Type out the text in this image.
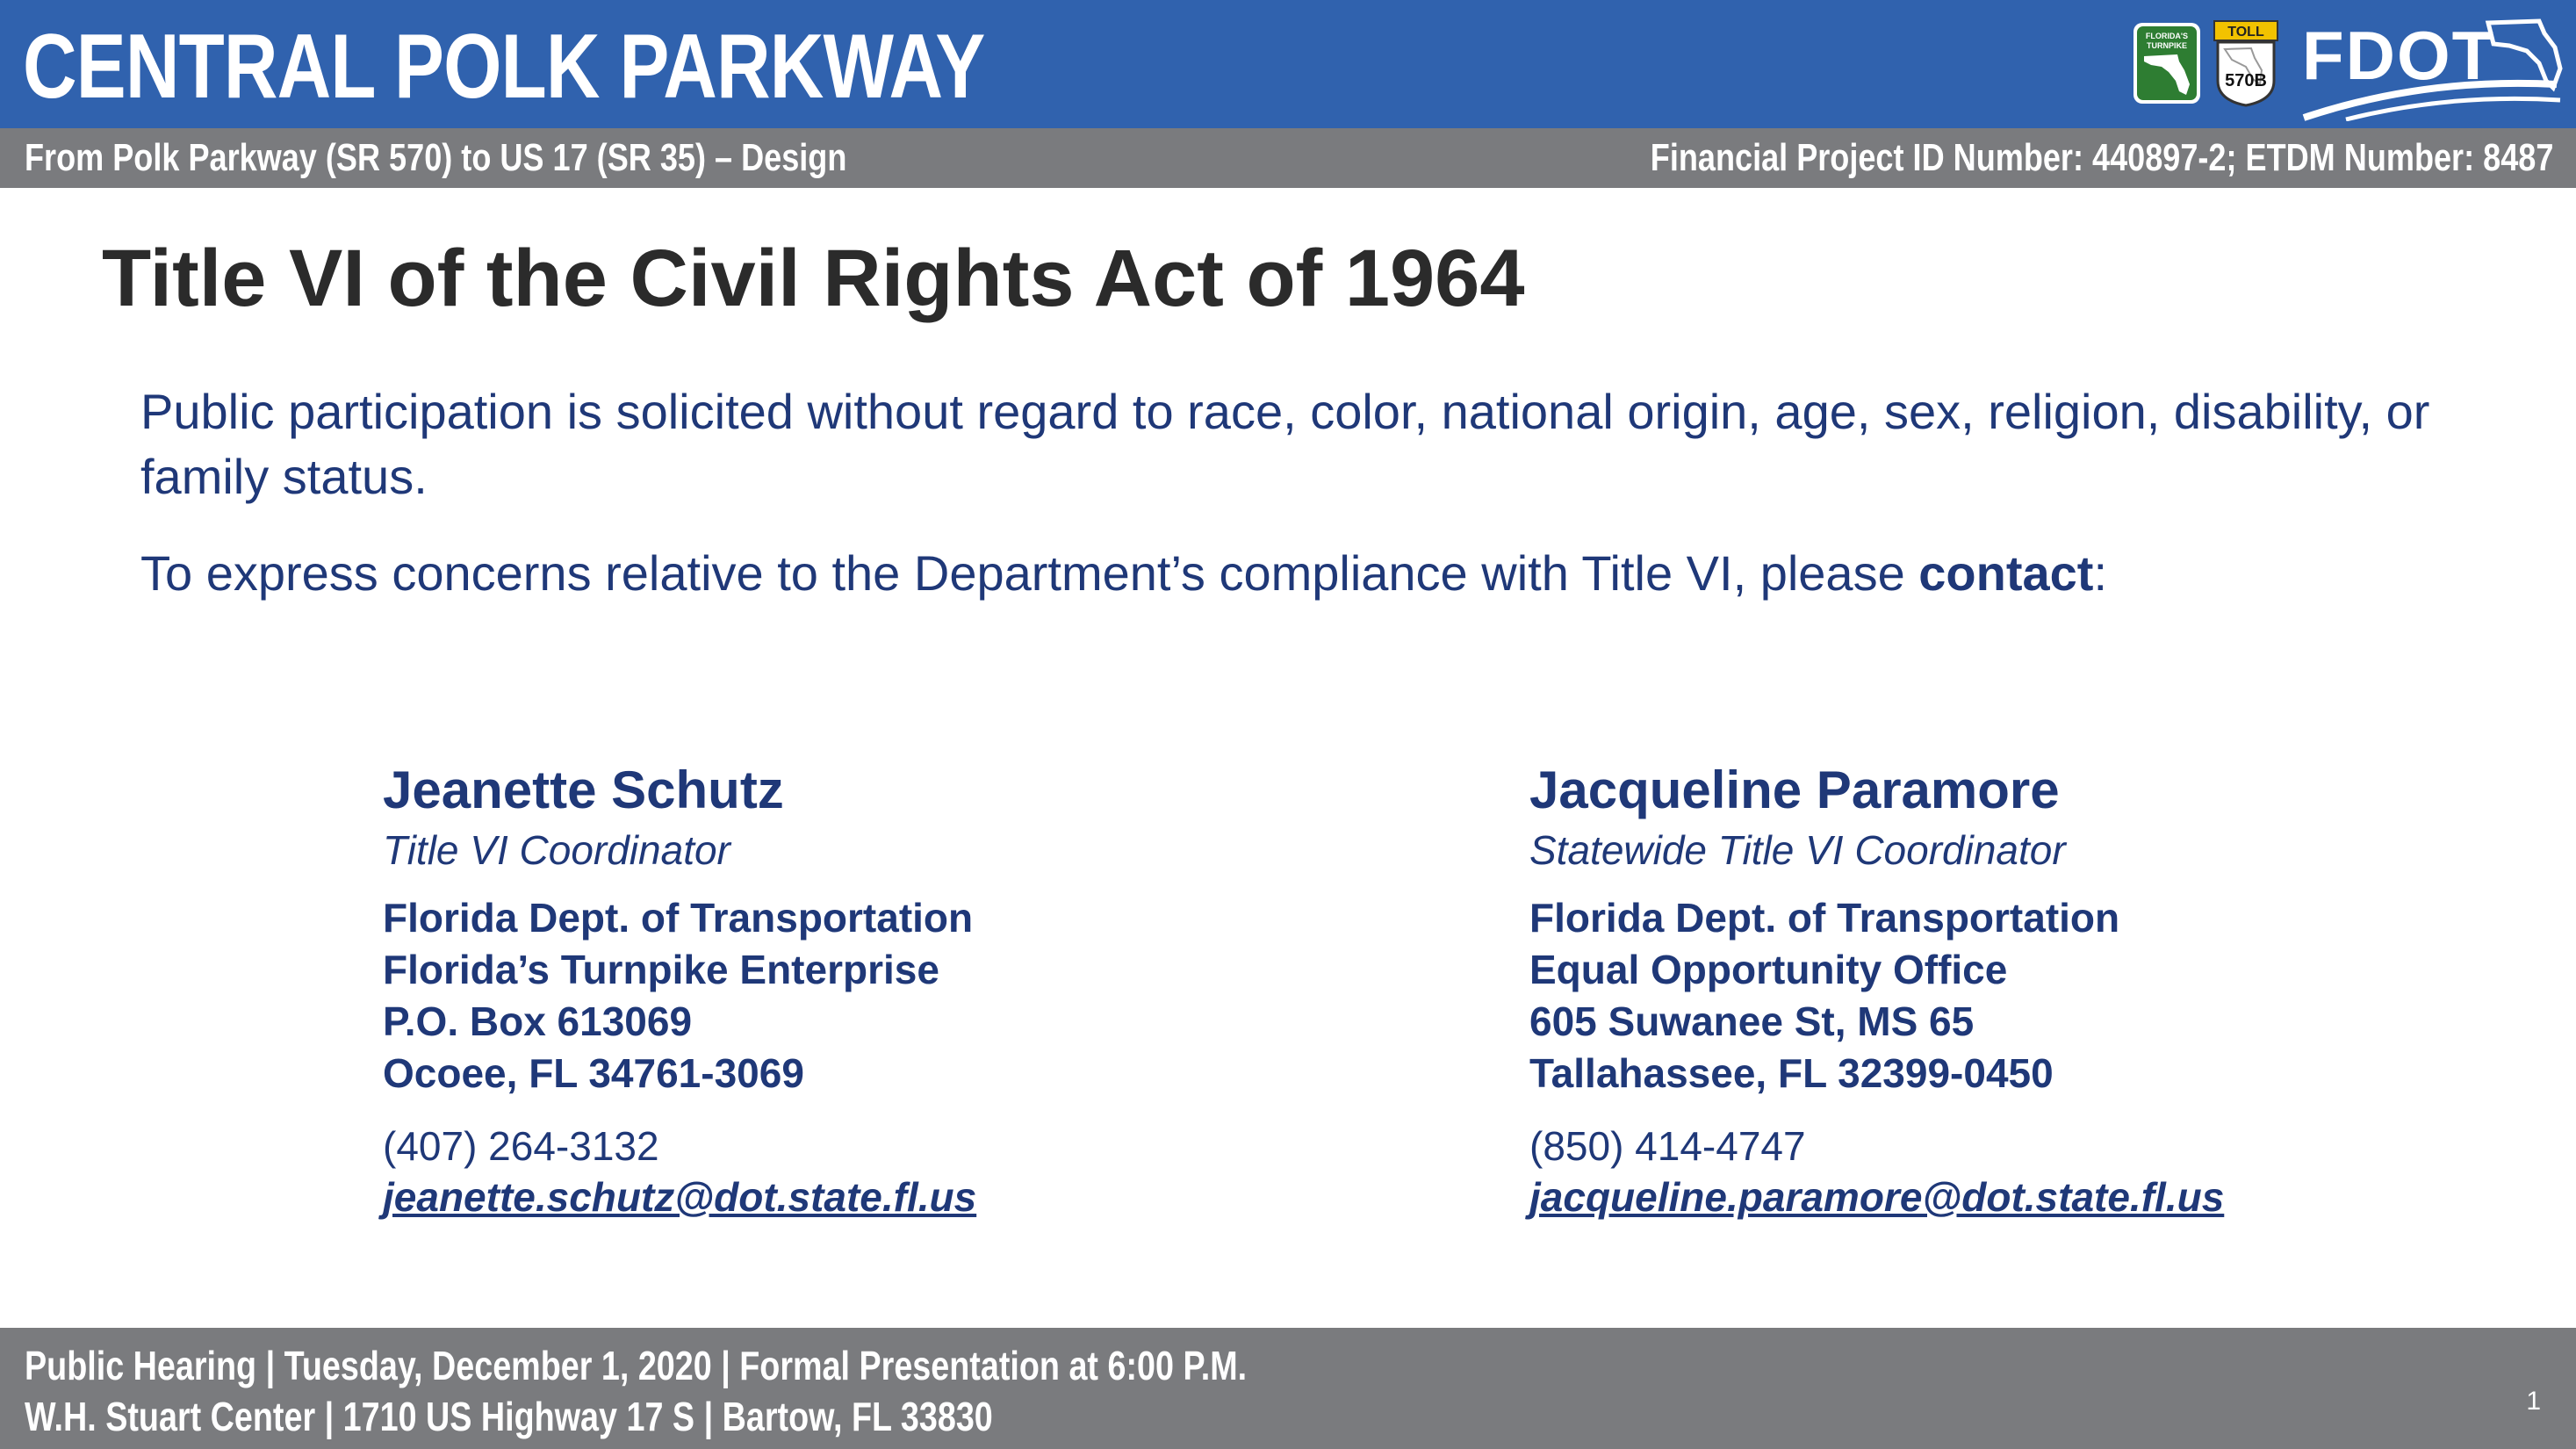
CENTRAL POLK PARKWAY	FLORIDA'S
TURNPIKE
TOLL
570B FDOT
From Polk Parkway (SR 570) to US 17 (SR 35) – Design	Financial Project ID Number: 440897-2; ETDM Number: 8487
Title VI of the Civil Rights Act of 1964

Public participation is solicited without regard to race, color, national origin, age, sex, religion, disability, or family status.

To express concerns relative to the Department’s compliance with Title VI, please contact:

Jeanette Schutz
Title VI Coordinator
Florida Dept. of Transportation
Florida’s Turnpike Enterprise
P.O. Box 613069
Ocoee, FL 34761-3069
(407) 264-3132
jeanette.schutz@dot.state.fl.us
Jacqueline Paramore
Statewide Title VI Coordinator
Florida Dept. of Transportation
Equal Opportunity Office
605 Suwanee St, MS 65
Tallahassee, FL 32399-0450
(850) 414-4747
jacqueline.paramore@dot.state.fl.us
Public Hearing | Tuesday, December 1, 2020 | Formal Presentation at 6:00 P.M.
W.H. Stuart Center | 1710 US Highway 17 S | Bartow, FL 33830	1
